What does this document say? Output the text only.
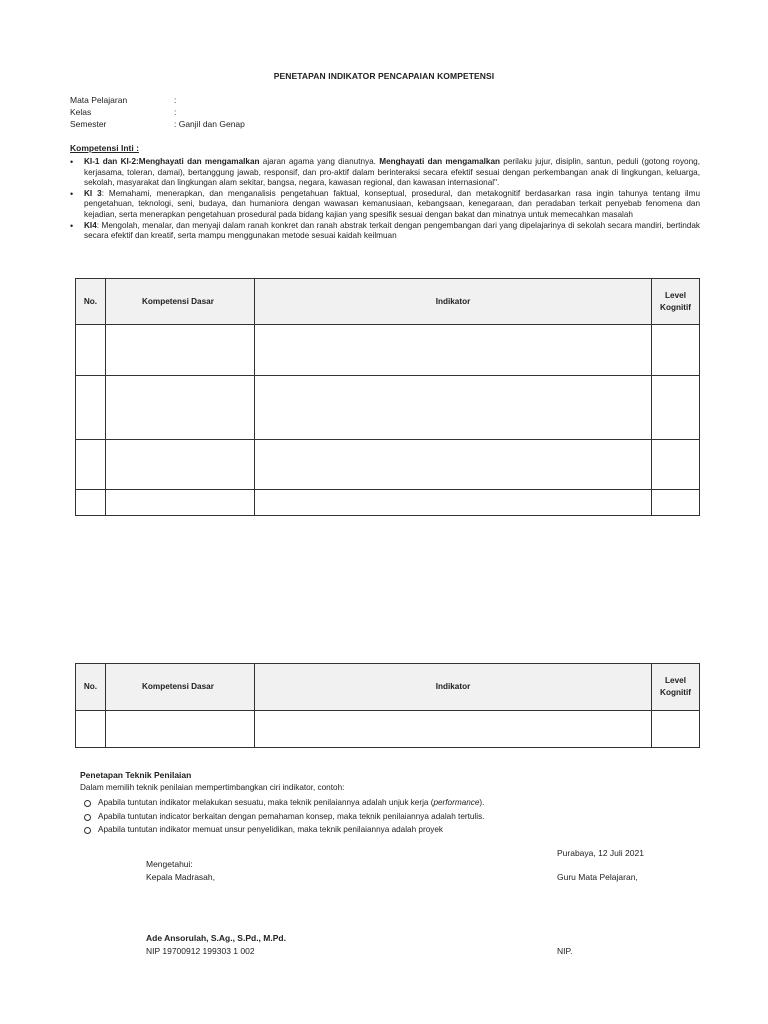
PENETAPAN INDIKATOR PENCAPAIAN KOMPETENSI
Mata Pelajaran	:
Kelas	:
Semester	: Ganjil dan Genap
Kompetensi Inti :
• KI-1 dan KI-2:Menghayati dan mengamalkan ajaran agama yang dianutnya. Menghayati dan mengamalkan perilaku jujur, disiplin, santun, peduli (gotong royong, kerjasama, toleran, damai), bertanggung jawab, responsif, dan pro-aktif dalam berinteraksi secara efektif sesuai dengan perkembangan anak di lingkungan, keluarga, sekolah, masyarakat dan lingkungan alam sekitar, bangsa, negara, kawasan regional, dan kawasan internasional".
• KI 3: Memahami, menerapkan, dan menganalisis pengetahuan faktual, konseptual, prosedural, dan metakognitif berdasarkan rasa ingin tahunya tentang ilmu pengetahuan, teknologi, seni, budaya, dan humaniora dengan wawasan kemanusiaan, kebangsaan, kenegaraan, dan peradaban terkait penyebab fenomena dan kejadian, serta menerapkan pengetahuan prosedural pada bidang kajian yang spesifik sesuai dengan bakat dan minatnya untuk memecahkan masalah
• KI4: Mengolah, menalar, dan menyaji dalam ranah konkret dan ranah abstrak terkait dengan pengembangan dari yang dipelajarinya di sekolah secara mandiri, bertindak secara efektif dan kreatif, serta mampu menggunakan metode sesuai kaidah keilmuan
No.	Kompetensi Dasar	Indikator	Level Kognitif

No.	Kompetensi Dasar	Indikator	Level Kognitif

Penetapan Teknik Penilaian
Dalam memilih teknik penilaian mempertimbangkan ciri indikator, contoh:
Apabila tuntutan indikator melakukan sesuatu, maka teknik penilaiannya adalah unjuk kerja (performance).
Apabila tuntutan indicator berkaitan dengan pemahaman konsep, maka teknik penilaiannya adalah tertulis.
Apabila tuntutan indikator memuat unsur penyelidikan, maka teknik penilaiannya adalah proyek
Purabaya, 12 Juli 2021
Mengetahui:
Kepala Madrasah,	Guru Mata Pelajaran,
Ade Ansorulah, S.Ag., S.Pd., M.Pd.
NIP 19700912 199303 1 002	NIP.
